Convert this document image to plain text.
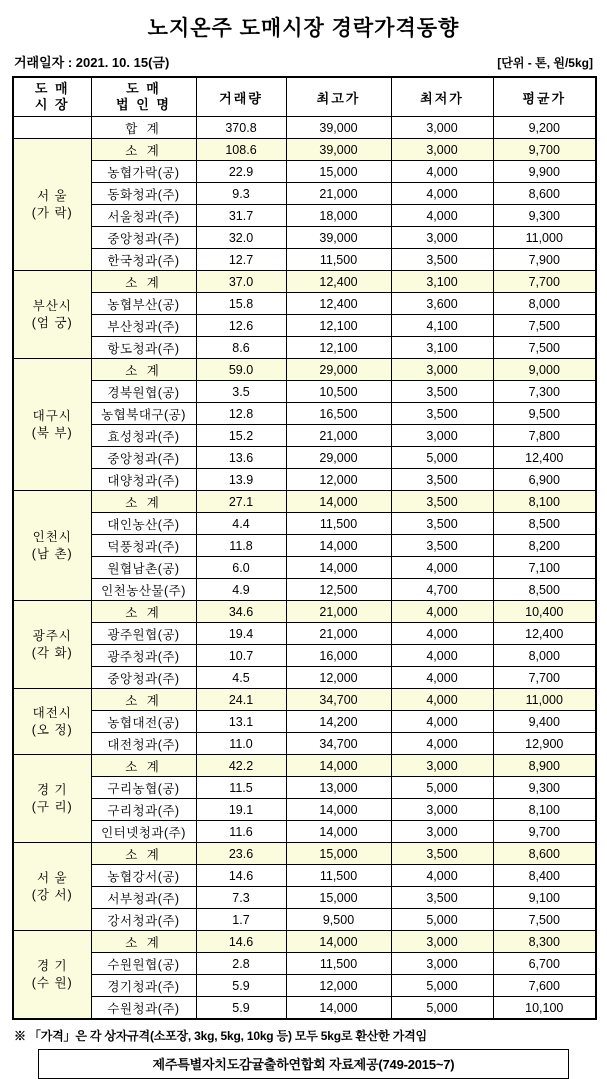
노지온주 도매시장 경락가격동향
거래일자 : 2021. 10. 15(금)	[단위 - 톤, 원/5kg]
도 매
시 장

도 매
법 인 명	거래량	최고가	최저가	평균가
	합 계	370.8	39,000	3,000	9,200

서 울
(가 락)	소 계	108.6	39,000	3,000	9,700
	농협가락(공)	22.9	15,000	4,000	9,900
	동화청과(주)	9.3	21,000	4,000	8,600
	서울청과(주)	31.7	18,000	4,000	9,300
	중앙청과(주)	32.0	39,000	3,000	11,000
	한국청과(주)	12.7	11,500	3,500	7,900

부산시
(엄 궁)	소 계	37.0	12,400	3,100	7,700
	농협부산(공)	15.8	12,400	3,600	8,000
	부산청과(주)	12.6	12,100	4,100	7,500
	항도청과(주)	8.6	12,100	3,100	7,500

대구시
(북 부)	소 계	59.0	29,000	3,000	9,000
	경북원협(공)	3.5	10,500	3,500	7,300
	농협북대구(공)	12.8	16,500	3,500	9,500
	효성청과(주)	15.2	21,000	3,000	7,800
	중앙청과(주)	13.6	29,000	5,000	12,400
	대양청과(주)	13.9	12,000	3,500	6,900

인천시
(남 촌)	소 계	27.1	14,000	3,500	8,100
	대인농산(주)	4.4	11,500	3,500	8,500
	덕풍청과(주)	11.8	14,000	3,500	8,200
	원협남촌(공)	6.0	14,000	4,000	7,100
	인천농산물(주)	4.9	12,500	4,700	8,500

광주시
(각 화)	소 계	34.6	21,000	4,000	10,400
	광주원협(공)	19.4	21,000	4,000	12,400
	광주청과(주)	10.7	16,000	4,000	8,000
	중앙청과(주)	4.5	12,000	4,000	7,700

대전시
(오 정)	소 계	24.1	34,700	4,000	11,000
	농협대전(공)	13.1	14,200	4,000	9,400
	대전청과(주)	11.0	34,700	4,000	12,900

경 기
(구 리)	소 계	42.2	14,000	3,000	8,900
	구리농협(공)	11.5	13,000	5,000	9,300
	구리청과(주)	19.1	14,000	3,000	8,100
	인터넷청과(주)	11.6	14,000	3,000	9,700

서 울
(강 서)	소 계	23.6	15,000	3,500	8,600
	농협강서(공)	14.6	11,500	4,000	8,400
	서부청과(주)	7.3	15,000	3,500	9,100
	강서청과(주)	1.7	9,500	5,000	7,500

경 기
(수 원)	소 계	14.6	14,000	3,000	8,300
	수원원협(공)	2.8	11,500	3,000	6,700
	경기청과(주)	5.9	12,000	5,000	7,600
	수원청과(주)	5.9	14,000	5,000	10,100
※ 「가격」은 각 상자규격(소포장, 3kg, 5kg, 10kg 등) 모두 5kg로 환산한 가격임
제주특별자치도감귤출하연합회 자료제공(749-2015~7)
